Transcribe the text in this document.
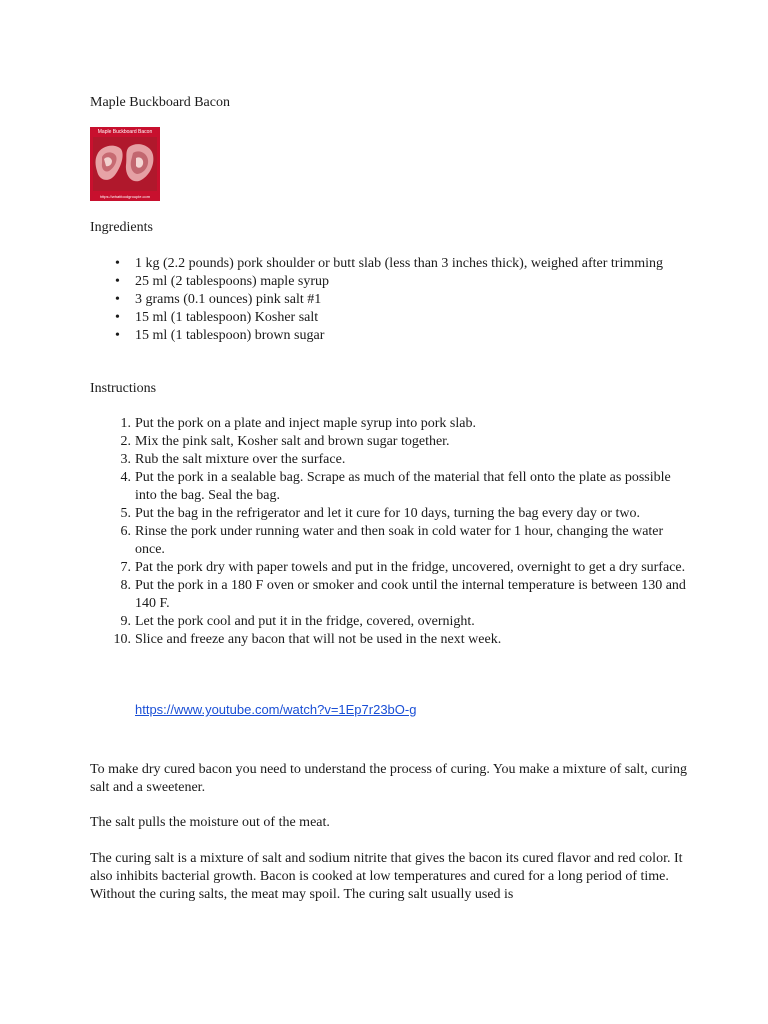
Maple Buckboard Bacon
Maple Buckboard Bacon
https://whatfoodgroupie.com
Ingredients
• 1 kg (2.2 pounds) pork shoulder or butt slab (less than 3 inches thick), weighed after trimming
• 25 ml (2 tablespoons) maple syrup
• 3 grams (0.1 ounces) pink salt #1
• 15 ml (1 tablespoon) Kosher salt
• 15 ml (1 tablespoon) brown sugar
Instructions
1. Put the pork on a plate and inject maple syrup into pork slab.
2. Mix the pink salt, Kosher salt and brown sugar together.
3. Rub the salt mixture over the surface.
4. Put the pork in a sealable bag. Scrape as much of the material that fell onto the plate as possible into the bag. Seal the bag.
5. Put the bag in the refrigerator and let it cure for 10 days, turning the bag every day or two.
6. Rinse the pork under running water and then soak in cold water for 1 hour, changing the water once.
7. Pat the pork dry with paper towels and put in the fridge, uncovered, overnight to get a dry surface.
8. Put the pork in a 180 F oven or smoker and cook until the internal temperature is between 130 and 140 F.
9. Let the pork cool and put it in the fridge, covered, overnight.
10. Slice and freeze any bacon that will not be used in the next week.
https://www.youtube.com/watch?v=1Ep7r23bO-g

To make dry cured bacon you need to understand the process of curing. You make a mixture of salt, curing salt and a sweetener.

The salt pulls the moisture out of the meat.

The curing salt is a mixture of salt and sodium nitrite that gives the bacon its cured flavor and red color. It also inhibits bacterial growth. Bacon is cooked at low temperatures and cured for a long period of time. Without the curing salts, the meat may spoil. The curing salt usually used is
